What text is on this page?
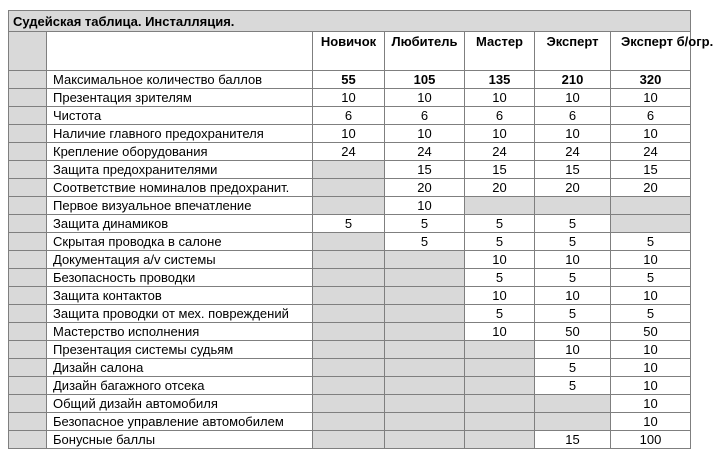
Судейская таблица. Инсталляция.						
		Новичок	Любитель	Мастер	Эксперт	Эксперт б/огр.
	Максимальное количество баллов	55	105	135	210	320
	Презентация зрителям	10	10	10	10	10
	Чистота	6	6	6	6	6
	Наличие главного предохранителя	10	10	10	10	10
	Крепление оборудования	24	24	24	24	24
	Защита предохранителями		15	15	15	15
	Соответствие номиналов предохранит.		20	20	20	20
	Первое визуальное впечатление		10			
	Защита динамиков	5	5	5	5	
	Скрытая проводка в салоне		5	5	5	5
	Документация a/v системы			10	10	10
	Безопасность проводки			5	5	5
	Защита контактов			10	10	10
	Защита проводки от мех. повреждений			5	5	5
	Мастерство исполнения			10	50	50
	Презентация системы судьям				10	10
	Дизайн салона				5	10
	Дизайн багажного отсека				5	10
	Общий дизайн автомобиля					10
	Безопасное управление автомобилем					10
	Бонусные баллы				15	100
